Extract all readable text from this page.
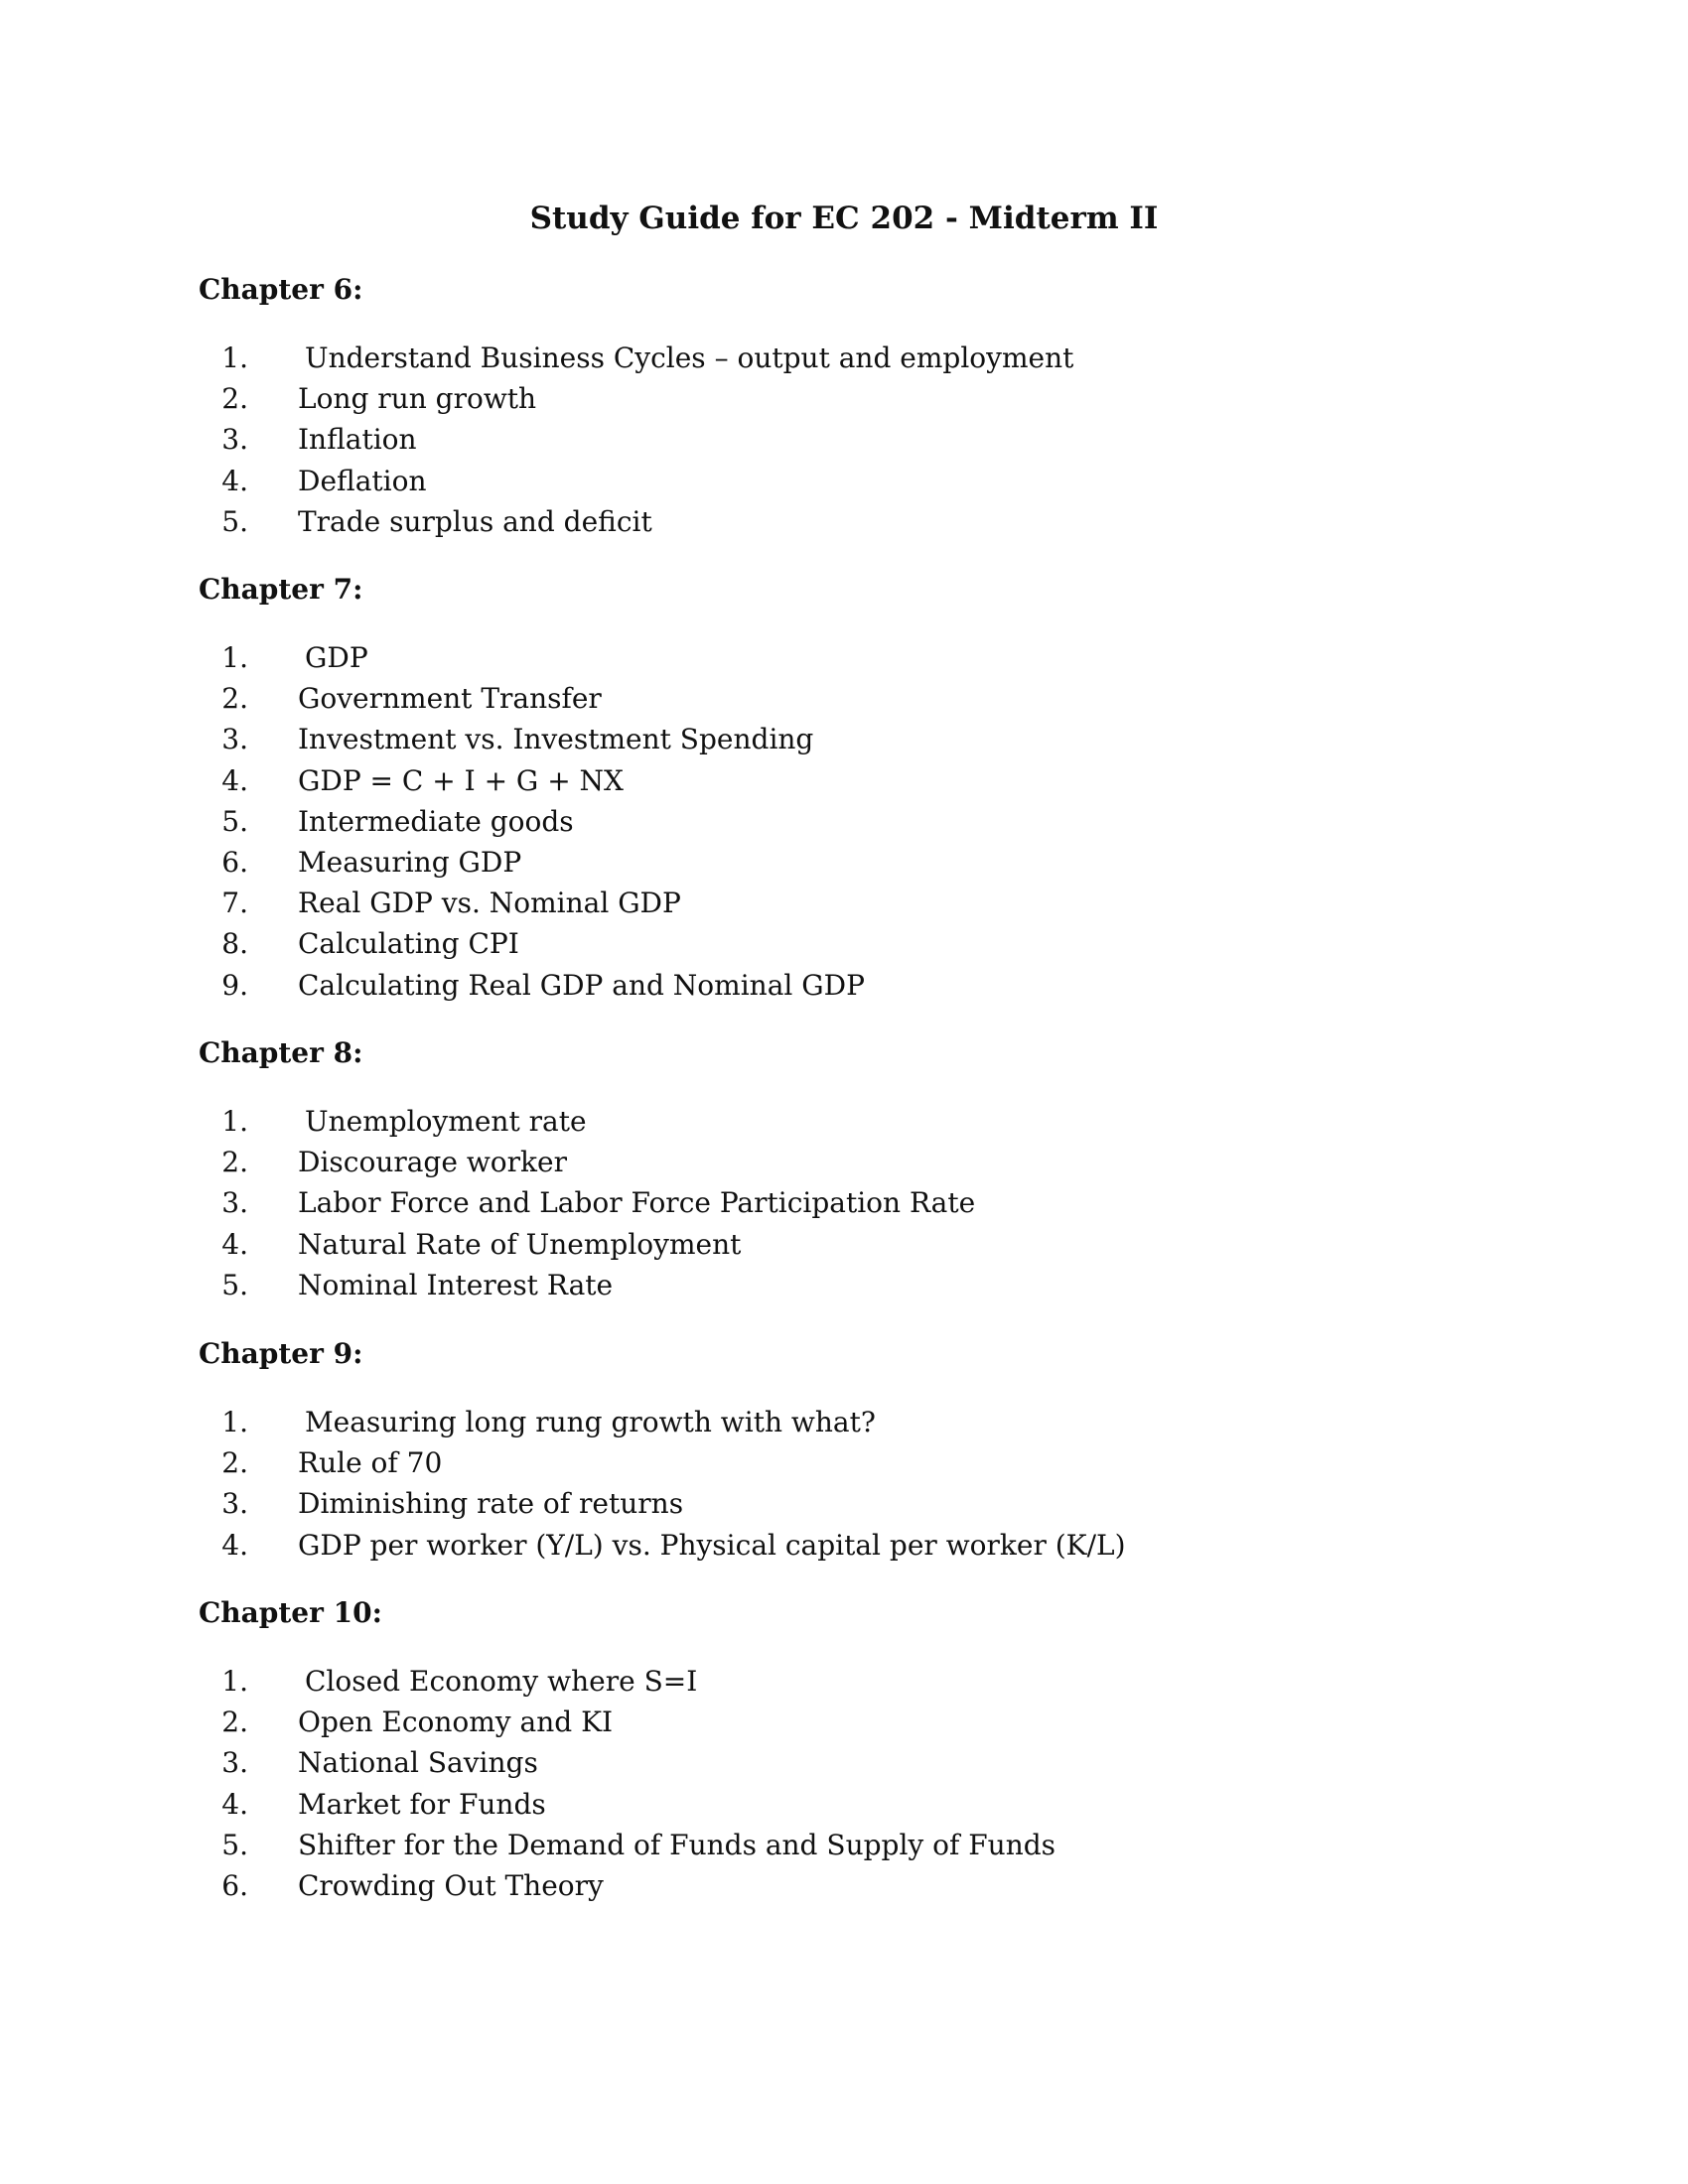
Study Guide for EC 202 - Midterm II
Chapter 6:
1. Understand Business Cycles – output and employment
2. Long run growth
3. Inflation
4. Deflation
5. Trade surplus and deficit
Chapter 7:
1. GDP
2. Government Transfer
3. Investment vs. Investment Spending
4. GDP = C + I + G + NX
5. Intermediate goods
6. Measuring GDP
7. Real GDP vs. Nominal GDP
8. Calculating CPI
9. Calculating Real GDP and Nominal GDP
Chapter 8:
1. Unemployment rate
2. Discourage worker
3. Labor Force and Labor Force Participation Rate
4. Natural Rate of Unemployment
5. Nominal Interest Rate
Chapter 9:
1. Measuring long rung growth with what?
2. Rule of 70
3. Diminishing rate of returns
4. GDP per worker (Y/L) vs. Physical capital per worker (K/L)
Chapter 10:
1. Closed Economy where S=I
2. Open Economy and KI
3. National Savings
4. Market for Funds
5. Shifter for the Demand of Funds and Supply of Funds
6. Crowding Out Theory
